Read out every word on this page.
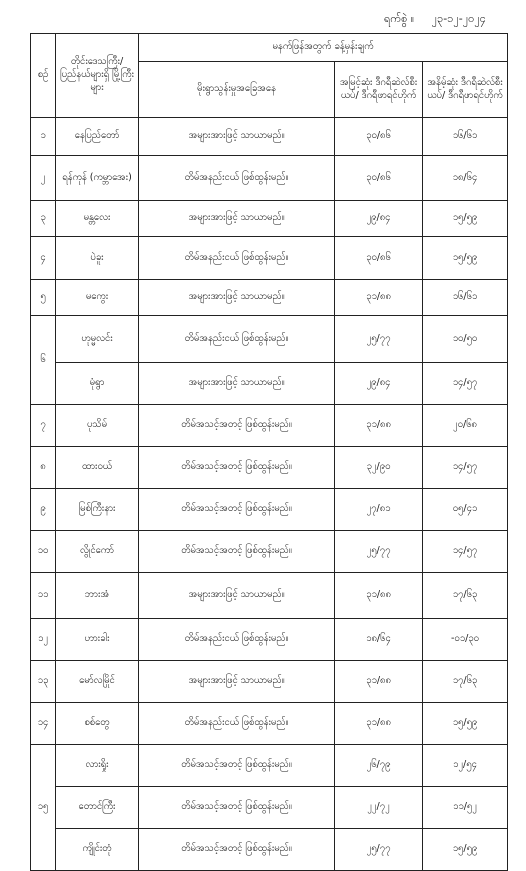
ရက်စွဲ ။ ၂၃-၁၂-၂၀၂၄
စဉ်	တိုင်းဒေသကြီး/ ပြည်နယ်များရှိ မြို့ကြီးများ	မနက်ဖြန်အတွက် ခန့်မှန်းချက်		
		မိုးရွာသွန်းမှုအခြေအနေ	အမြင့်ဆုံး ဒီဂရီဆဲလ်စီးယပ်/ ဒီဂရီဖာရင်ဟိုက်	အနိမ့်ဆုံး ဒီဂရီဆဲလ်စီးယပ်/ ဒီဂရီဖာရင်ဟိုက်
၁	နေပြည်တော်	အများအားဖြင့် သာယာမည်။	၃၀/၈၆	၁၆/၆၁
၂	ရန်ကုန် (ကမ္ဘာအေး)	တိမ်အနည်းငယ် ဖြစ်ထွန်းမည်။	၃၀/၈၆	၁၈/၆၄
၃	မန္တလေး	အများအားဖြင့် သာယာမည်။	၂၉/၈၄	၁၅/၅၉
၄	ပဲခူး	တိမ်အနည်းငယ် ဖြစ်ထွန်းမည်။	၃၀/၈၆	၁၅/၅၉
၅	မကွေး	အများအားဖြင့် သာယာမည်။	၃၁/၈၈	၁၆/၆၁
၆	ဟုမ္မလင်း	တိမ်အနည်းငယ် ဖြစ်ထွန်းမည်။	၂၅/၇၇	၁၀/၅၀
	မုံရွာ	အများအားဖြင့် သာယာမည်။	၂၉/၈၄	၁၄/၅၇
၇	ပုသိမ်	တိမ်အသင့်အတင့် ဖြစ်ထွန်းမည်။	၃၁/၈၈	၂၀/၆၈
၈	ထားဝယ်	တိမ်အသင့်အတင့် ဖြစ်ထွန်းမည်။	၃၂/၉၀	၁၄/၅၇
၉	မြစ်ကြီးနား	တိမ်အသင့်အတင့် ဖြစ်ထွန်းမည်။	၂၇/၈၁	၀၅/၄၁
၁၀	လွိုင်ကော်	တိမ်အသင့်အတင့် ဖြစ်ထွန်းမည်။	၂၅/၇၇	၁၄/၅၇
၁၁	ဘားအံ	အများအားဖြင့် သာယာမည်။	၃၁/၈၈	၁၇/၆၃
၁၂	ဟားခါး	တိမ်အနည်းငယ် ဖြစ်ထွန်းမည်။	၁၈/၆၄	-၀၁/၃၀
၁၃	မော်လမြိုင်	အများအားဖြင့် သာယာမည်။	၃၁/၈၈	၁၇/၆၃
၁၄	စစ်တွေ	တိမ်အနည်းငယ် ဖြစ်ထွန်းမည်။	၃၁/၈၈	၁၅/၅၉
၁၅	လားရှိုး	တိမ်အသင့်အတင့် ဖြစ်ထွန်းမည်။	၂၆/၇၉	၁၂/၅၄
	တောင်ကြီး	တိမ်အသင့်အတင့် ဖြစ်ထွန်းမည်။	၂၂/၇၂	၁၁/၅၂
	ကျိုင်းတုံ	တိမ်အသင့်အတင့် ဖြစ်ထွန်းမည်။	၂၅/၇၇	၁၅/၅၉
